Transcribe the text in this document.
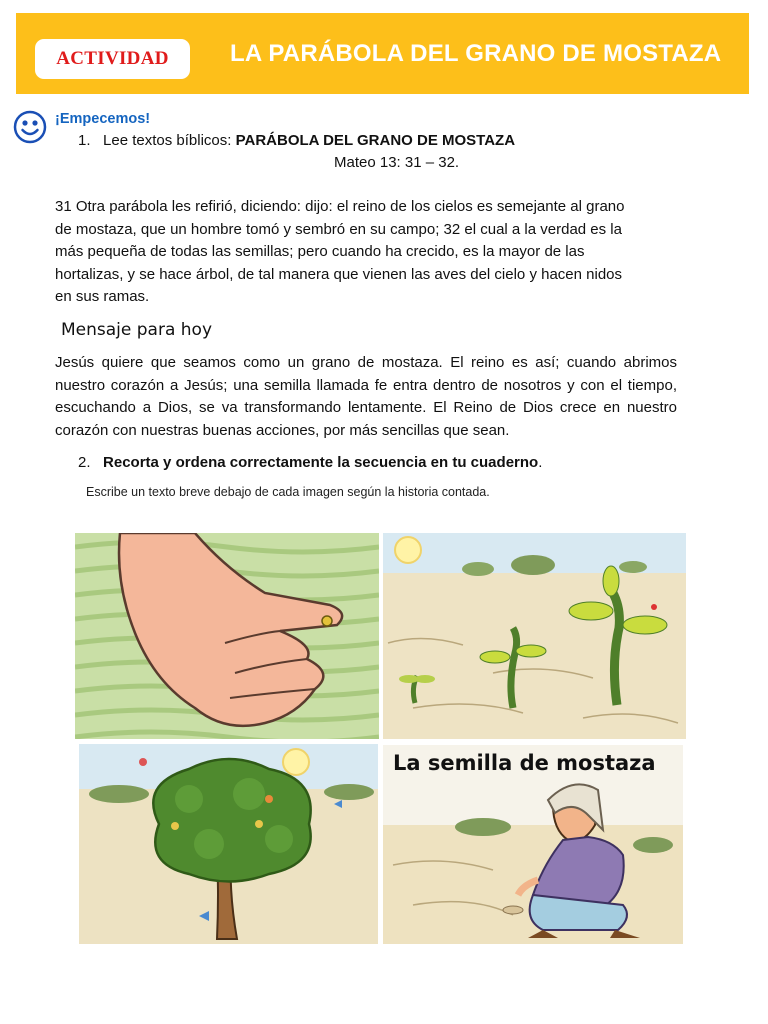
ACTIVIDAD	LA PARÁBOLA DEL GRANO DE MOSTAZA
¡Empecemos!
1. Lee textos bíblicos: PARÁBOLA DEL GRANO DE MOSTAZA
Mateo 13: 31 – 32.
31 Otra parábola les refirió, diciendo: dijo: el reino de los cielos es semejante al grano
de mostaza, que un hombre tomó y sembró en su campo; 32 el cual a la verdad es la
más pequeña de todas las semillas; pero cuando ha crecido, es la mayor de las
hortalizas, y se hace árbol, de tal manera que vienen las aves del cielo y hacen nidos
en sus ramas.
Mensaje para hoy
Jesús quiere que seamos como un grano de mostaza. El reino es así; cuando abrimos nuestro corazón a Jesús; una semilla llamada fe entra dentro de nosotros y con el tiempo, escuchando a Dios, se va transformando lentamente. El Reino de Dios crece en nuestro corazón con nuestras buenas acciones, por más sencillas que sean.
2. Recorta y ordena correctamente la secuencia en tu cuaderno.
Escribe un texto breve debajo de cada imagen según la historia contada.
La semilla de mostaza
